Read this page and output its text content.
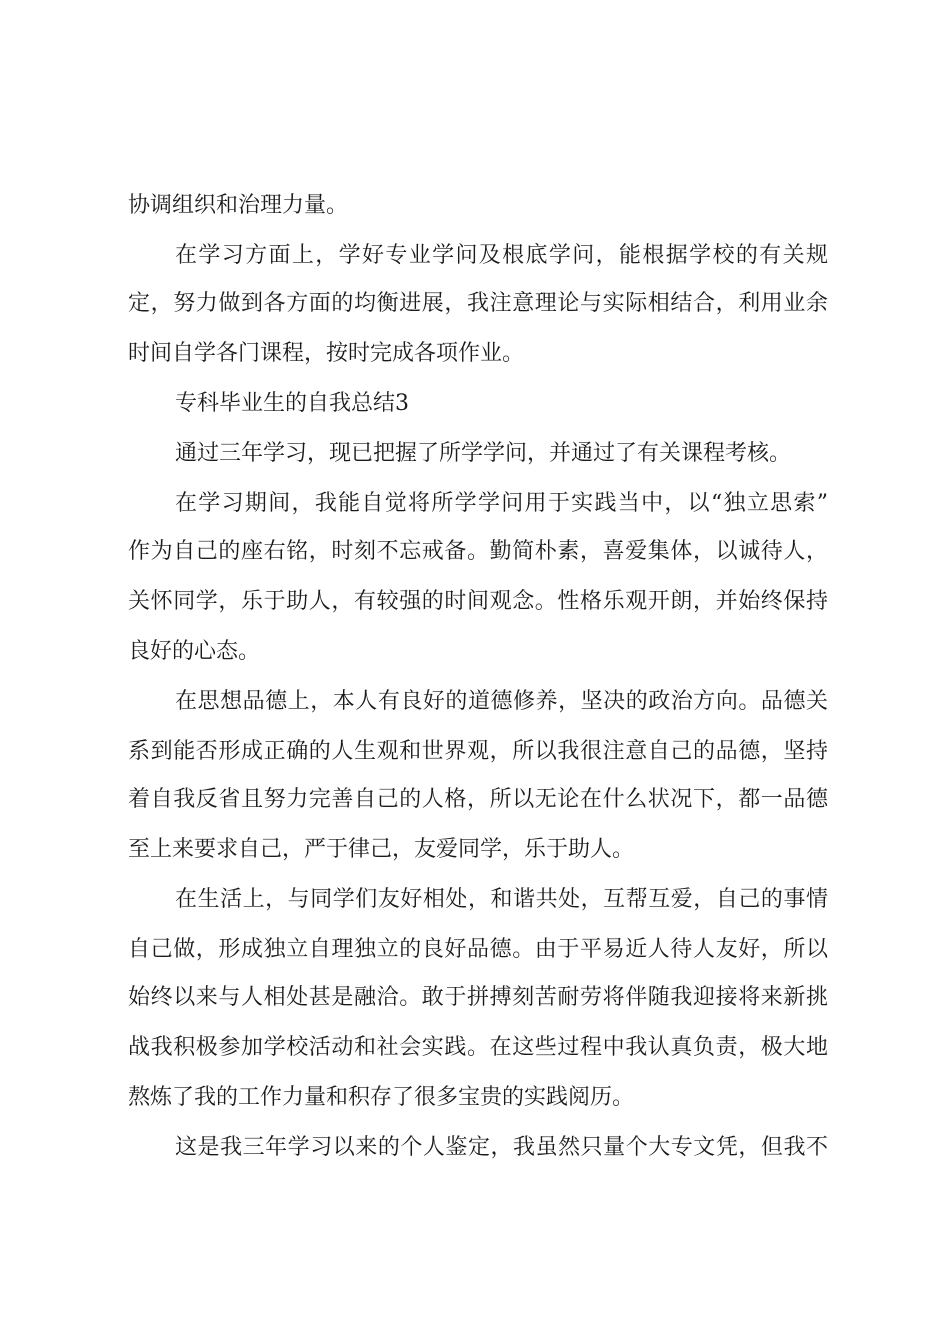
协调组织和治理力量。
在学习方面上，学好专业学问及根底学问，能根据学校的有关规
定，努力做到各方面的均衡进展，我注意理论与实际相结合，利用业余
时间自学各门课程，按时完成各项作业。
专科毕业生的自我总结3
通过三年学习，现已把握了所学学问，并通过了有关课程考核。
在学习期间，我能自觉将所学学问用于实践当中，以“独立思索”
作为自己的座右铭，时刻不忘戒备。勤简朴素，喜爱集体，以诚待人，
关怀同学，乐于助人，有较强的时间观念。性格乐观开朗，并始终保持
良好的心态。
在思想品德上，本人有良好的道德修养，坚决的政治方向。品德关
系到能否形成正确的人生观和世界观，所以我很注意自己的品德，坚持
着自我反省且努力完善自己的人格，所以无论在什么状况下，都一品德
至上来要求自己，严于律己，友爱同学，乐于助人。
在生活上，与同学们友好相处，和谐共处，互帮互爱，自己的事情
自己做，形成独立自理独立的良好品德。由于平易近人待人友好，所以
始终以来与人相处甚是融洽。敢于拼搏刻苦耐劳将伴随我迎接将来新挑
战我积极参加学校活动和社会实践。在这些过程中我认真负责，极大地
熬炼了我的工作力量和积存了很多宝贵的实践阅历。
这是我三年学习以来的个人鉴定，我虽然只量个大专文凭，但我不
